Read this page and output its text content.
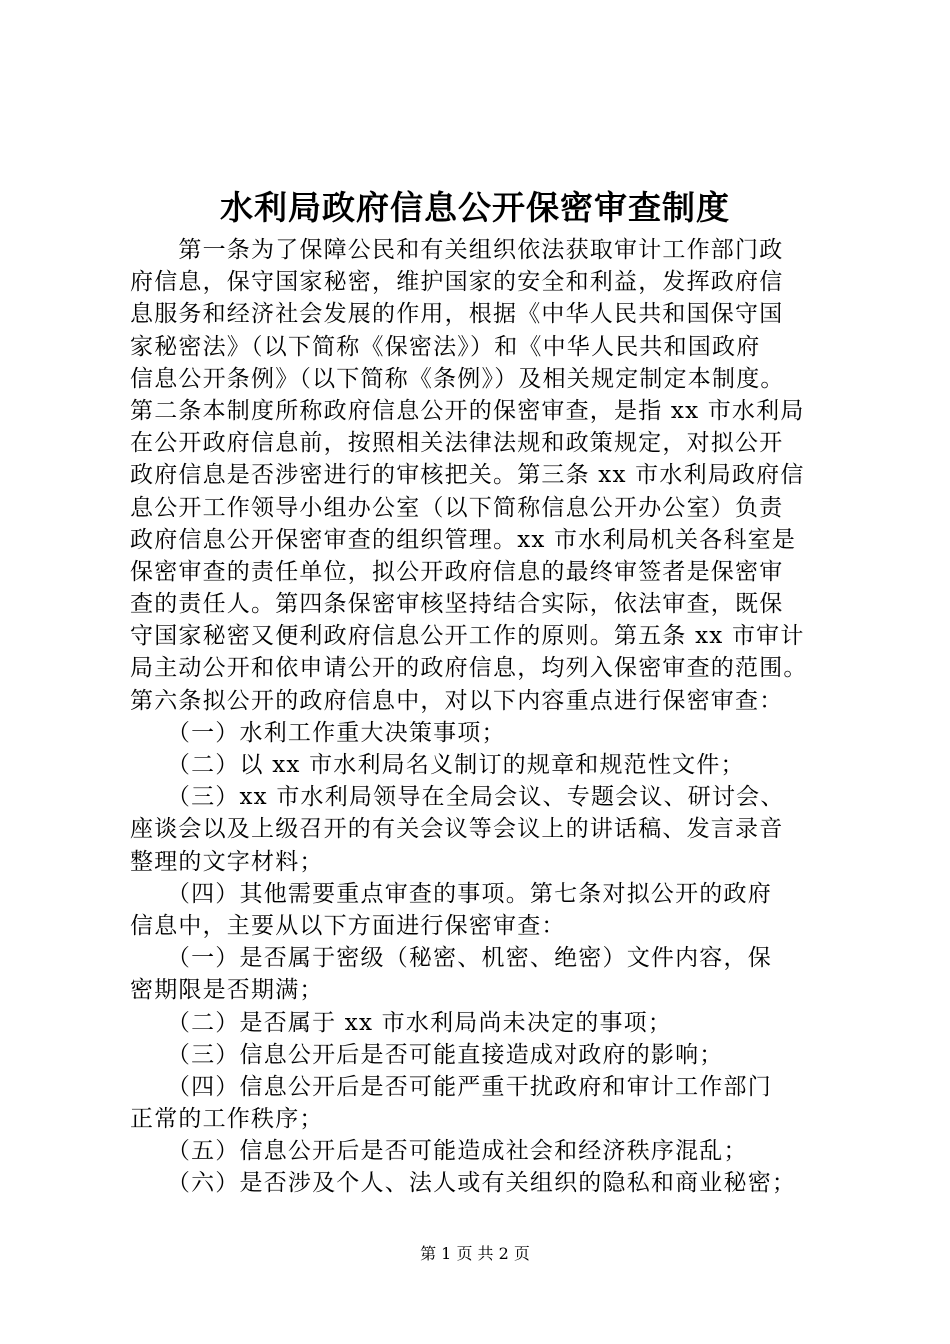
水利局政府信息公开保密审查制度
　　第一条为了保障公民和有关组织依法获取审计工作部门政
府信息，保守国家秘密，维护国家的安全和利益，发挥政府信
息服务和经济社会发展的作用，根据《中华人民共和国保守国
家秘密法》（以下简称《保密法》）和《中华人民共和国政府
信息公开条例》（以下简称《条例》）及相关规定制定本制度。
第二条本制度所称政府信息公开的保密审查，是指 xx 市水利局
在公开政府信息前，按照相关法律法规和政策规定，对拟公开
政府信息是否涉密进行的审核把关。第三条 xx 市水利局政府信
息公开工作领导小组办公室（以下简称信息公开办公室）负责
政府信息公开保密审查的组织管理。xx 市水利局机关各科室是
保密审查的责任单位，拟公开政府信息的最终审签者是保密审
查的责任人。第四条保密审核坚持结合实际，依法审查，既保
守国家秘密又便利政府信息公开工作的原则。第五条 xx 市审计
局主动公开和依申请公开的政府信息，均列入保密审查的范围。
第六条拟公开的政府信息中，对以下内容重点进行保密审查：
　　（一）水利工作重大决策事项；
　　（二）以 xx 市水利局名义制订的规章和规范性文件；
　　（三）xx 市水利局领导在全局会议、专题会议、研讨会、
座谈会以及上级召开的有关会议等会议上的讲话稿、发言录音
整理的文字材料；
　　（四）其他需要重点审查的事项。第七条对拟公开的政府
信息中，主要从以下方面进行保密审查：
　　（一）是否属于密级（秘密、机密、绝密）文件内容，保
密期限是否期满；
　　（二）是否属于 xx 市水利局尚未决定的事项；
　　（三）信息公开后是否可能直接造成对政府的影响；
　　（四）信息公开后是否可能严重干扰政府和审计工作部门
正常的工作秩序；
　　（五）信息公开后是否可能造成社会和经济秩序混乱；
　　（六）是否涉及个人、法人或有关组织的隐私和商业秘密；
第 1 页 共 2 页
